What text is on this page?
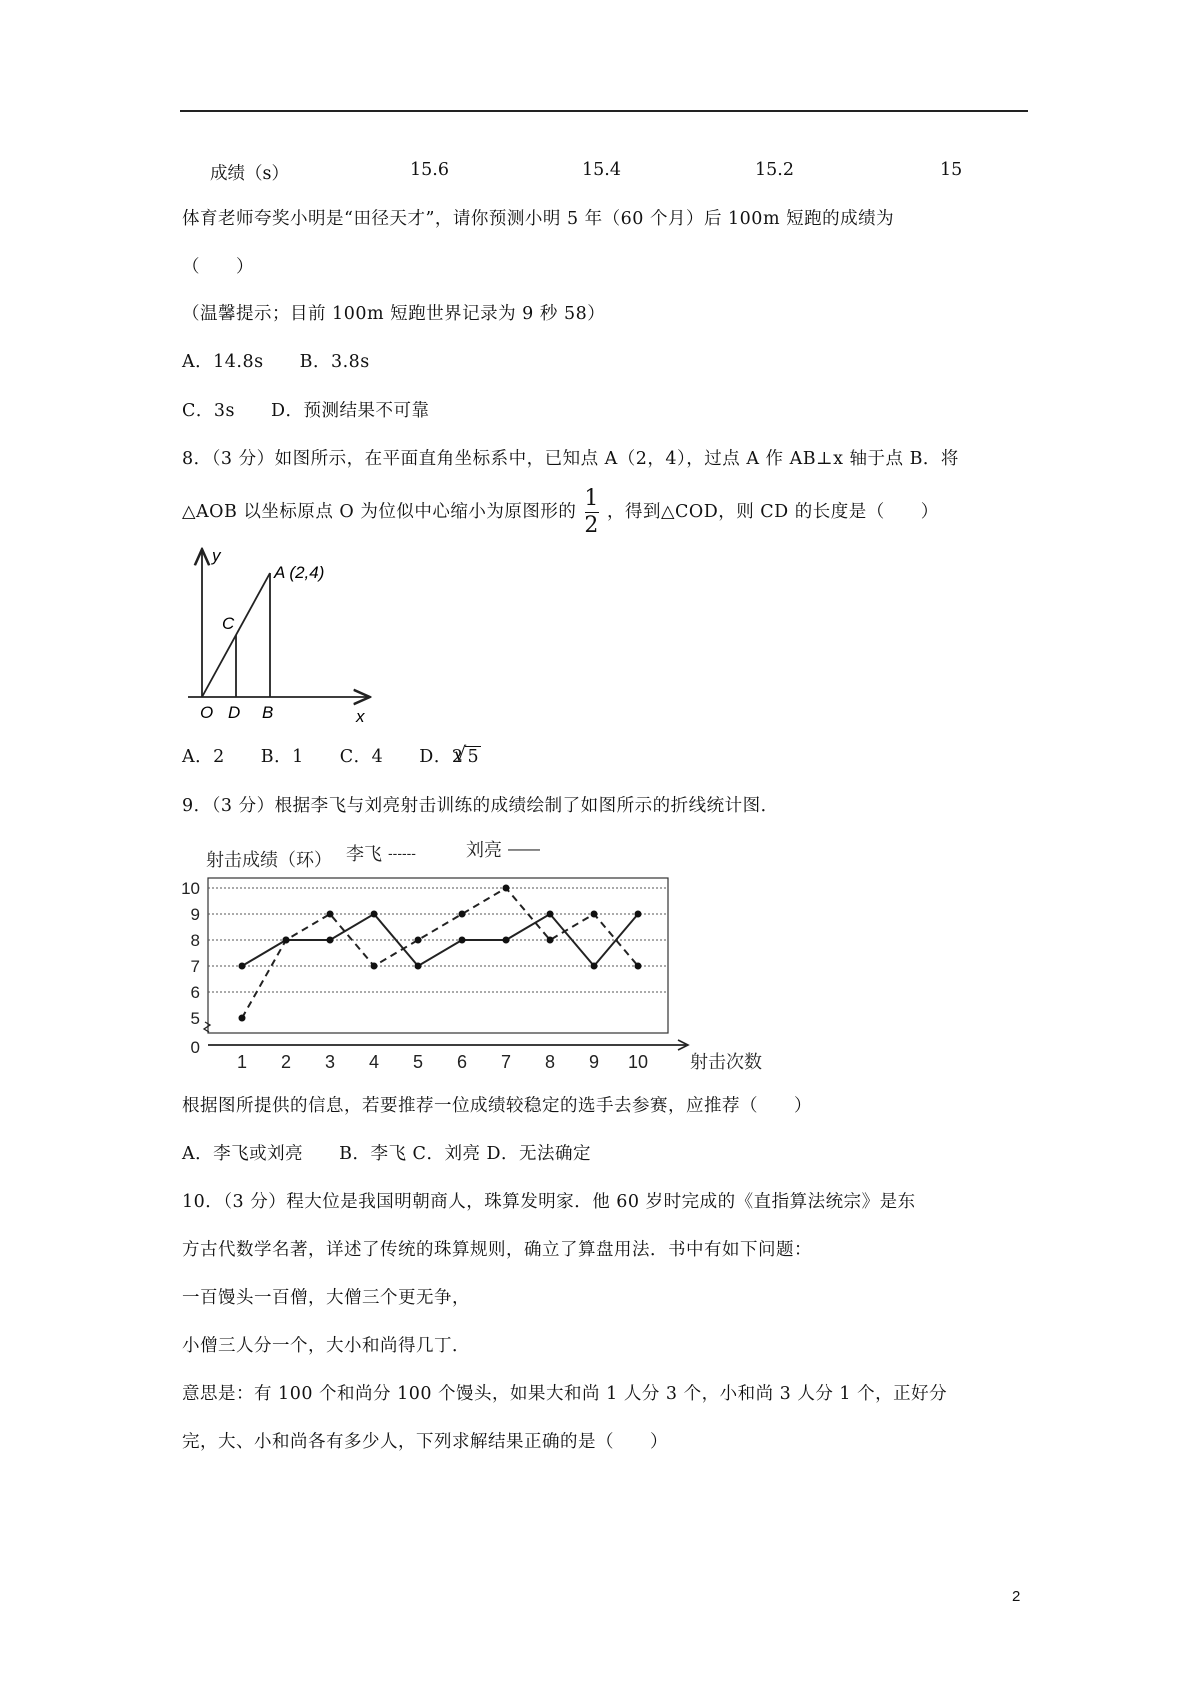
成绩（s）	15.6	15.4	15.2	15
体育老师夸奖小明是“田径天才”，请你预测小明 5 年（60 个月）后 100m 短跑的成绩为
（　　）
（温馨提示；目前 100m 短跑世界记录为 9 秒 58）
A．14.8s　　B．3.8s
C．3s　　D．预测结果不可靠
8．（3 分）如图所示，在平面直角坐标系中，已知点 A（2，4），过点 A 作 AB⊥x 轴于点 B．将
△AOB 以坐标原点 O 为位似中心缩小为原图形的 $\frac{1}{2}$ ，得到△COD，则 CD 的长度是（　　）
y
A (2,4)
C
O D B	x
A．2　　B．1　　C．4　　D．2√ 5
9．（3 分）根据李飞与刘亮射击训练的成绩绘制了如图所示的折线统计图．
0
5
6
7
8
9
10
1 2 3 4 5 6 7 8 9 10
射击成绩（环）
射击次数
李飞 ------	刘亮 ——
根据图所提供的信息，若要推荐一位成绩较稳定的选手去参赛，应推荐（　　）
A．李飞或刘亮　　B．李飞 C．刘亮 D．无法确定
10．（3 分）程大位是我国明朝商人，珠算发明家．他 60 岁时完成的《直指算法统宗》是东
方古代数学名著，详述了传统的珠算规则，确立了算盘用法．书中有如下问题：
一百馒头一百僧，大僧三个更无争，
小僧三人分一个，大小和尚得几丁．
意思是：有 100 个和尚分 100 个馒头，如果大和尚 1 人分 3 个，小和尚 3 人分 1 个，正好分
完，大、小和尚各有多少人，下列求解结果正确的是（　　）
2
